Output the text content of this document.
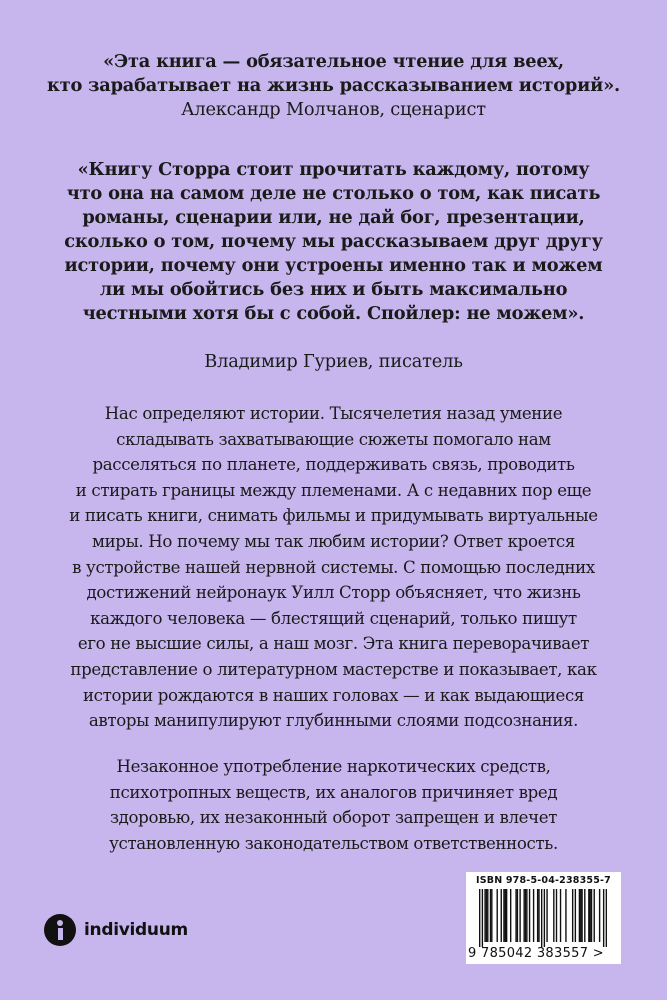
«Эта книга — обязательное чтение для веех,
кто зарабатывает на жизнь рассказыванием историй».
Александр Молчанов, сценарист
«Книгу Сторра стоит прочитать каждому, потому
что она на самом деле не столько о том, как писать
романы, сценарии или, не дай бог, презентации,
сколько о том, почему мы рассказываем друг другу
истории, почему они устроены именно так и можем
ли мы обойтись без них и быть максимально
честными хотя бы с собой. Спойлер: не можем».
Владимир Гуриев, писатель
Нас определяют истории. Тысячелетия назад умение
складывать захватывающие сюжеты помогало нам
расселяться по планете, поддерживать связь, проводить
и стирать границы между племенами. А с недавних пор еще
и писать книги, снимать фильмы и придумывать виртуальные
миры. Но почему мы так любим истории? Ответ кроется
в устройстве нашей нервной системы. С помощью последних
достижений нейронаук Уилл Сторр объясняет, что жизнь
каждого человека — блестящий сценарий, только пишут
его не высшие силы, а наш мозг. Эта книга переворачивает
представление о литературном мастерстве и показывает, как
истории рождаются в наших головах — и как выдающиеся
авторы манипулируют глубинными слоями подсознания.
Незаконное употребление наркотических средств,
психотропных веществ, их аналогов причиняет вред
здоровью, их незаконный оборот запрещен и влечет
установленную законодательством ответственность.
individuum
ISBN 978-5-04-238355-7
9 785042 383557 >
